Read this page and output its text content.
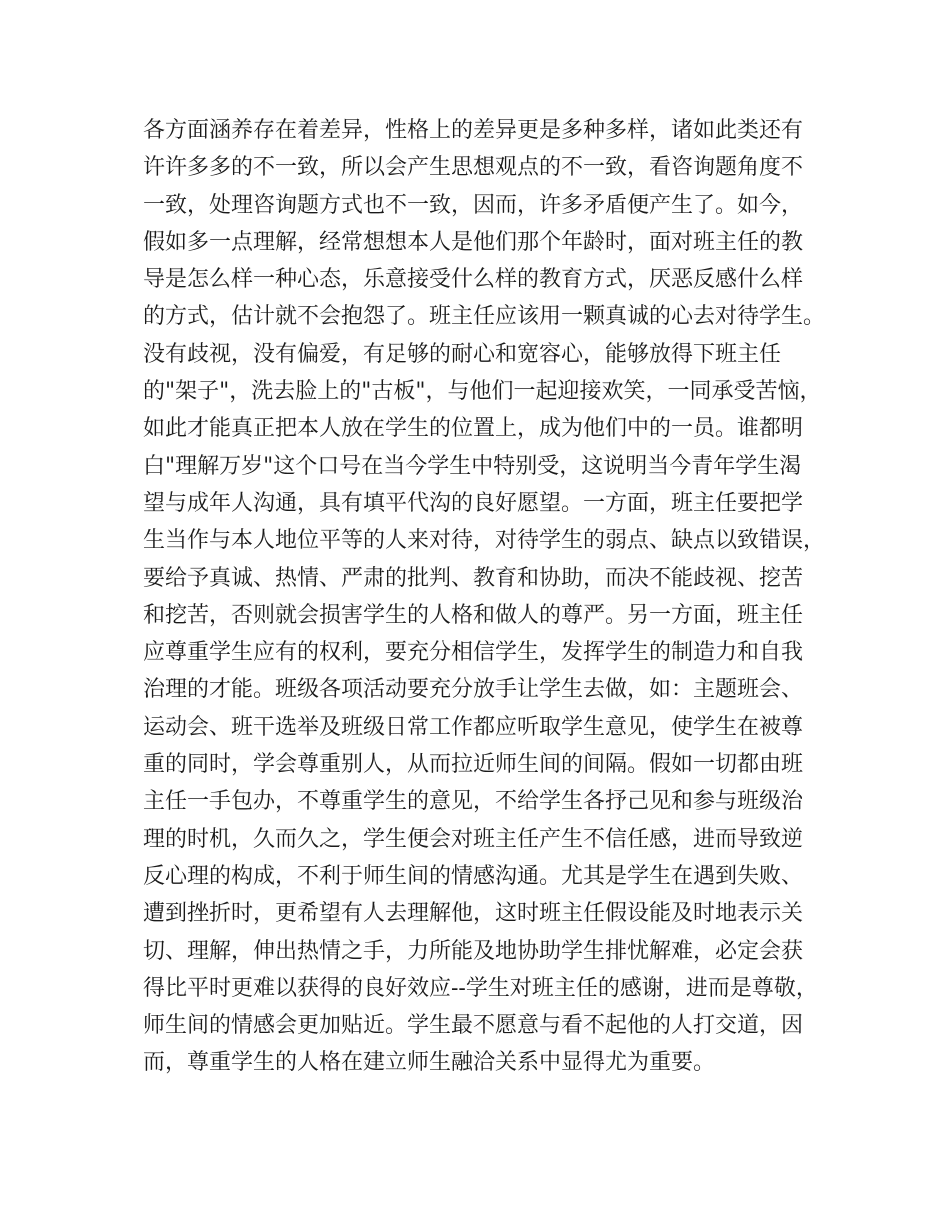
各方面涵养存在着差异，性格上的差异更是多种多样，诸如此类还有
许许多多的不一致，所以会产生思想观点的不一致，看咨询题角度不
一致，处理咨询题方式也不一致，因而，许多矛盾便产生了。如今，
假如多一点理解，经常想想本人是他们那个年龄时，面对班主任的教
导是怎么样一种心态，乐意接受什么样的教育方式，厌恶反感什么样
的方式，估计就不会抱怨了。班主任应该用一颗真诚的心去对待学生。
没有歧视，没有偏爱，有足够的耐心和宽容心，能够放得下班主任
的"架子"，洗去脸上的"古板"，与他们一起迎接欢笑，一同承受苦恼，
如此才能真正把本人放在学生的位置上，成为他们中的一员。谁都明
白"理解万岁"这个口号在当今学生中特别受，这说明当今青年学生渴
望与成年人沟通，具有填平代沟的良好愿望。一方面，班主任要把学
生当作与本人地位平等的人来对待，对待学生的弱点、缺点以致错误，
要给予真诚、热情、严肃的批判、教育和协助，而决不能歧视、挖苦
和挖苦，否则就会损害学生的人格和做人的尊严。另一方面，班主任
应尊重学生应有的权利，要充分相信学生，发挥学生的制造力和自我
治理的才能。班级各项活动要充分放手让学生去做，如：主题班会、
运动会、班干选举及班级日常工作都应听取学生意见，使学生在被尊
重的同时，学会尊重别人，从而拉近师生间的间隔。假如一切都由班
主任一手包办，不尊重学生的意见，不给学生各抒己见和参与班级治
理的时机，久而久之，学生便会对班主任产生不信任感，进而导致逆
反心理的构成，不利于师生间的情感沟通。尤其是学生在遇到失败、
遭到挫折时，更希望有人去理解他，这时班主任假设能及时地表示关
切、理解，伸出热情之手，力所能及地协助学生排忧解难，必定会获
得比平时更难以获得的良好效应--学生对班主任的感谢，进而是尊敬，
师生间的情感会更加贴近。学生最不愿意与看不起他的人打交道，因
而，尊重学生的人格在建立师生融洽关系中显得尤为重要。
